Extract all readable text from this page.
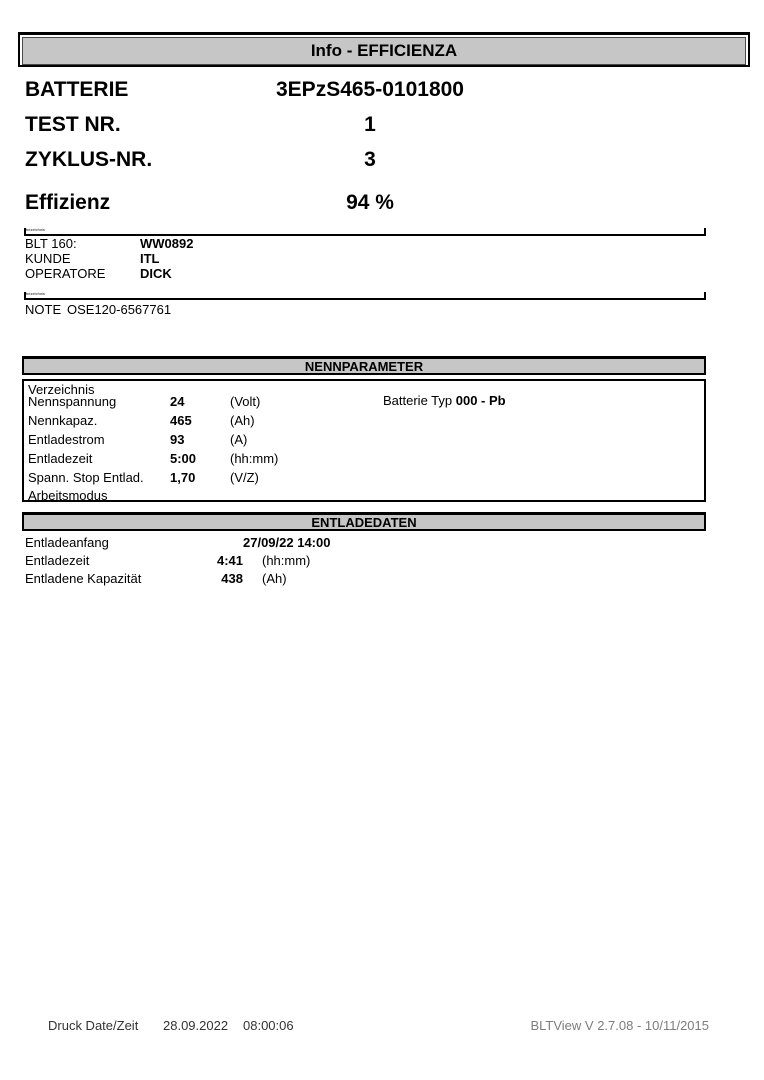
Info - EFFICIENZA
BATTERIE	3EPzS465-0101800
TEST NR.	1
ZYKLUS-NR.	3
Effizienz	94 %
bezeichnis
BLT 160:	WW0892
KUNDE	ITL
OPERATORE	DICK
bezeichnis
NOTE OSE120-6567761
NENNPARAMETER
Verzeichnis
Nennspannung	24	(Volt)	Batterie Typ 000 - Pb
Nennkapaz.	465	(Ah)
Entladestrom	93	(A)
Entladezeit	5:00	(hh:mm)
Spann. Stop Entlad. 1,70	(V/Z)
Arbeitsmodus
ENTLADEDATEN
Entladeanfang	27/09/22 14:00
Entladezeit	4:41 (hh:mm)
Entladene Kapazität	438 (Ah)
Druck Date/Zeit 28.09.2022 08:00:06	BLTView V 2.7.08 - 10/11/2015
